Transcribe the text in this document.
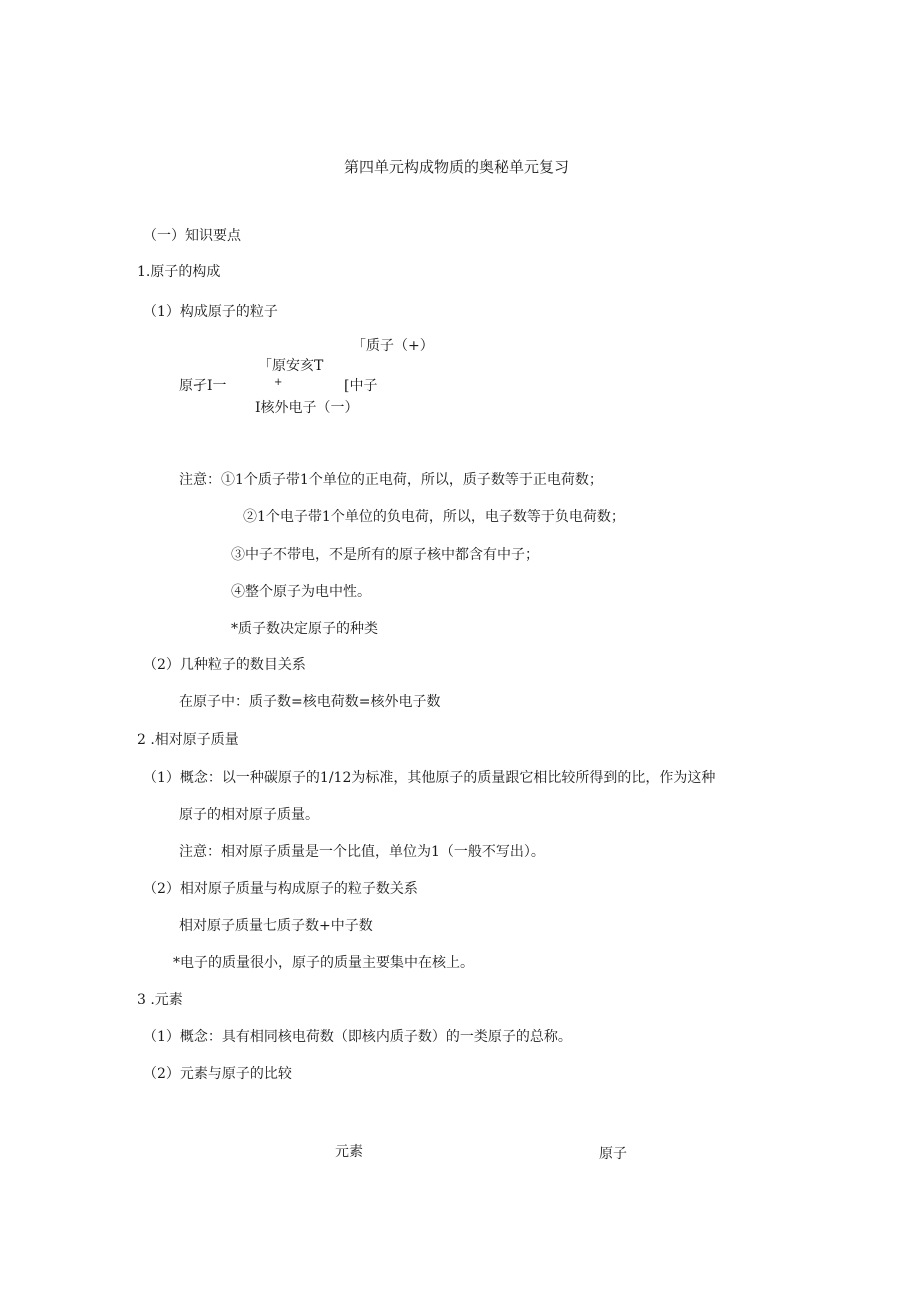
第四单元构成物质的奥秘单元复习
（一）知识要点
1.原子的构成
（1）构成原子的粒子
「质子（+）
「原安亥T
+
原孑I一	[中子
I核外电子（一）
注意：①1个质子带1个单位的正电荷，所以，质子数等于正电荷数；
②1个电子带1个单位的负电荷，所以，电子数等于负电荷数；
③中子不带电，不是所有的原子核中都含有中子；
④整个原子为电中性。
*质子数决定原子的种类
（2）几种粒子的数目关系
在原子中：质子数=核电荷数=核外电子数
2 .相对原子质量
（1）概念：以一种碳原子的1/12为标准，其他原子的质量跟它相比较所得到的比，作为这种
原子的相对原子质量。
注意：相对原子质量是一个比值，单位为1（一般不写出）。
（2）相对原子质量与构成原子的粒子数关系
相对原子质量七质子数+中子数
*电子的质量很小，原子的质量主要集中在核上。
3 .元素
（1）概念：具有相同核电荷数（即核内质子数）的一类原子的总称。
（2）元素与原子的比较
元素	原子
